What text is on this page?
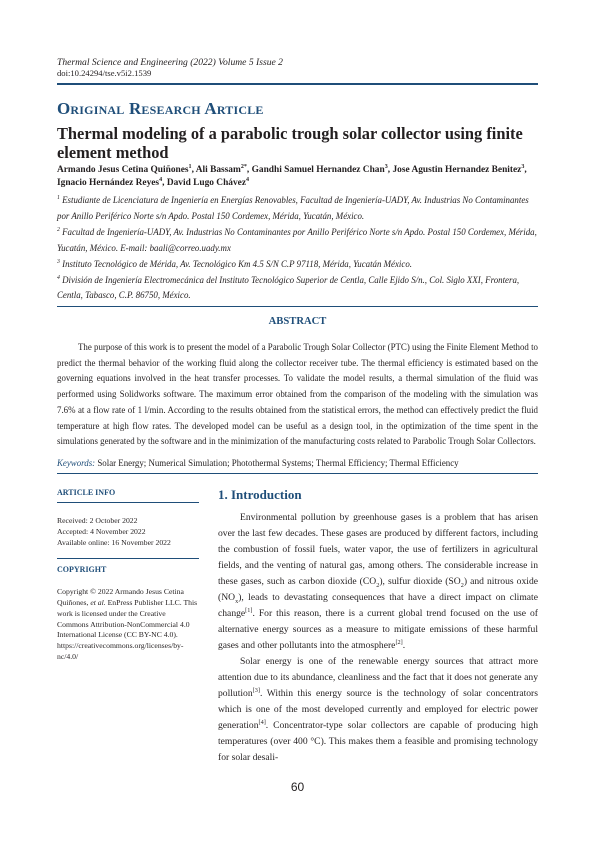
Thermal Science and Engineering (2022) Volume 5 Issue 2
doi:10.24294/tse.v5i2.1539
Original Research Article
Thermal modeling of a parabolic trough solar collector using finite element method
Armando Jesus Cetina Quiñones$^1$, Ali Bassam$^{2*}$, Gandhi Samuel Hernandez Chan$^3$, Jose Agustin Hernandez Benitez$^3$, Ignacio Hernández Reyes$^4$, David Lugo Chávez$^4$
$^1$ Estudiante de Licenciatura de Ingeniería en Energías Renovables, Facultad de Ingeniería-UADY, Av. Industrias No Contaminantes por Anillo Periférico Norte s/n Apdo. Postal 150 Cordemex, Mérida, Yucatán, México.
$^2$ Facultad de Ingeniería-UADY, Av. Industrias No Contaminantes por Anillo Periférico Norte s/n Apdo. Postal 150 Cordemex, Mérida, Yucatán, México. E-mail: baali@correo.uady.mx
$^3$ Instituto Tecnológico de Mérida, Av. Tecnológico Km 4.5 S/N C.P 97118, Mérida, Yucatán México.
$^4$ División de Ingeniería Electromecánica del Instituto Tecnológico Superior de Centla, Calle Ejido S/n., Col. Siglo XXI, Frontera, Centla, Tabasco, C.P. 86750, México.
ABSTRACT
The purpose of this work is to present the model of a Parabolic Trough Solar Collector (PTC) using the Finite Element Method to predict the thermal behavior of the working fluid along the collector receiver tube. The thermal efficiency is estimated based on the governing equations involved in the heat transfer processes. To validate the model results, a thermal simulation of the fluid was performed using Solidworks software. The maximum error obtained from the comparison of the modeling with the simulation was 7.6% at a flow rate of 1 l/min. According to the results obtained from the statistical errors, the method can effectively predict the fluid temperature at high flow rates. The developed model can be useful as a design tool, in the optimization of the time spent in the simulations generated by the software and in the minimization of the manufacturing costs related to Parabolic Trough Solar Collectors.
Keywords: Solar Energy; Numerical Simulation; Photothermal Systems; Thermal Efficiency; Thermal Efficiency
ARTICLE INFO
Received: 2 October 2022
Accepted: 4 November 2022
Available online: 16 November 2022
COPYRIGHT
Copyright © 2022 Armando Jesus Cetina Quiñones, et al. EnPress Publisher LLC. This work is licensed under the Creative Commons Attribution-NonCommercial 4.0 International License (CC BY-NC 4.0). https://creativecommons.org/licenses/by-nc/4.0/
1. Introduction

Environmental pollution by greenhouse gases is a problem that has arisen over the last few decades. These gases are produced by different factors, including the combustion of fossil fuels, water vapor, the use of fertilizers in agricultural fields, and the venting of natural gas, among others. The considerable increase in these gases, such as carbon dioxide $(CO_2)$, sulfur dioxide $(SO_2)$ and nitrous oxide $(NO_x)$, leads to devastating consequences that have a direct impact on climate change[1]. For this reason, there is a current global trend focused on the use of alternative energy sources as a measure to mitigate emissions of these harmful gases and other pollutants into the atmosphere[2].

Solar energy is one of the renewable energy sources that attract more attention due to its abundance, cleanliness and the fact that it does not generate any pollution[3]. Within this energy source is the technology of solar concentrators which is one of the most developed currently and employed for electric power generation[4]. Concentrator-type solar collectors are capable of producing high temperatures (over 400 °C). This makes them a feasible and promising technology for solar desali-

60
